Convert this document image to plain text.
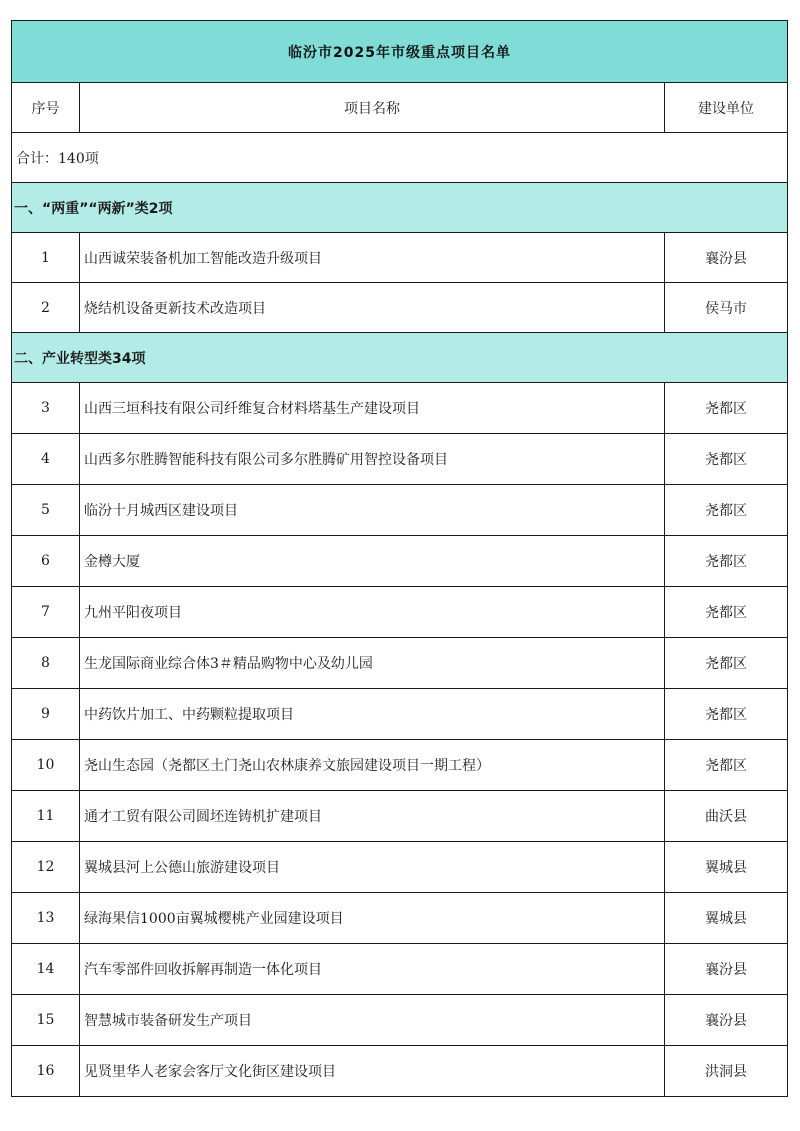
临汾市2025年市级重点项目名单		
序号	项目名称	建设单位
合计：140项		
一、“两重”“两新”类2项		
1	山西诚荣装备机加工智能改造升级项目	襄汾县
2	烧结机设备更新技术改造项目	侯马市
二、产业转型类34项		
3	山西三垣科技有限公司纤维复合材料塔基生产建设项目	尧都区
4	山西多尔胜腾智能科技有限公司多尔胜腾矿用智控设备项目	尧都区
5	临汾十月城西区建设项目	尧都区
6	金樽大厦	尧都区
7	九州平阳夜项目	尧都区
8	生龙国际商业综合体3＃精品购物中心及幼儿园	尧都区
9	中药饮片加工、中药颗粒提取项目	尧都区
10	尧山生态园（尧都区土门尧山农林康养文旅园建设项目一期工程）	尧都区
11	通才工贸有限公司圆坯连铸机扩建项目	曲沃县
12	翼城县河上公德山旅游建设项目	翼城县
13	绿海果信1000亩翼城樱桃产业园建设项目	翼城县
14	汽车零部件回收拆解再制造一体化项目	襄汾县
15	智慧城市装备研发生产项目	襄汾县
16	见贤里华人老家会客厅文化街区建设项目	洪洞县
